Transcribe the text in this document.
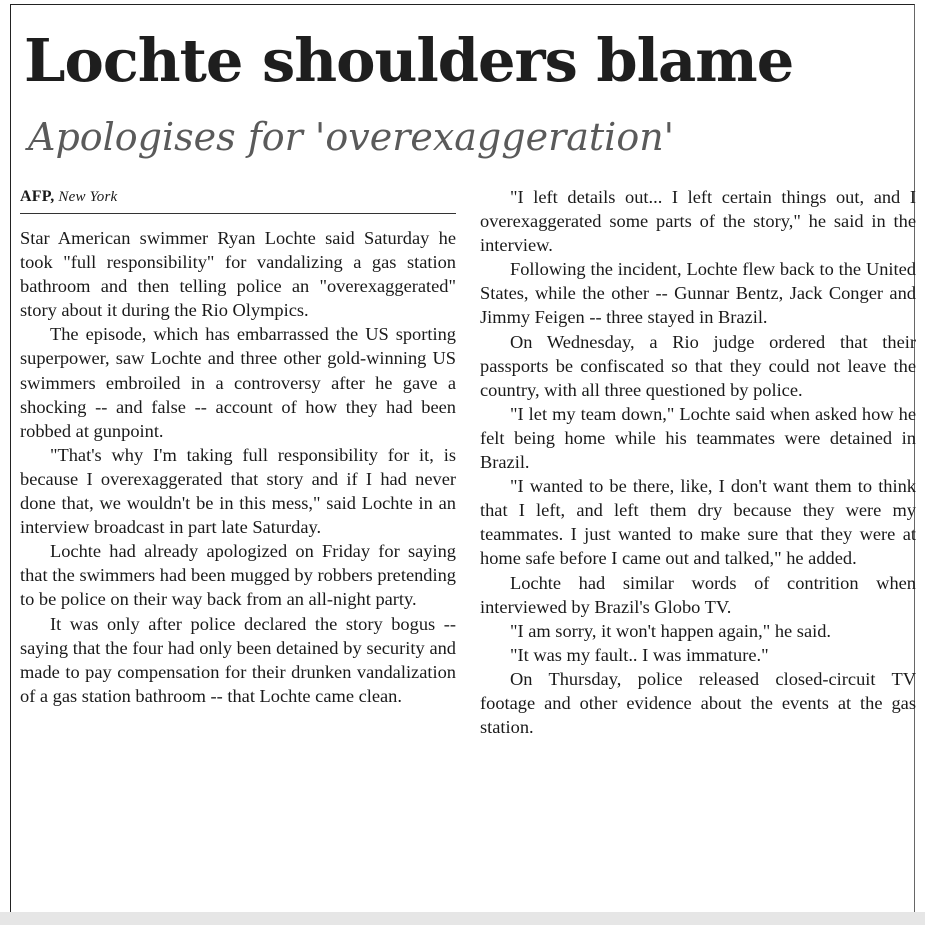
Lochte shoulders blame
Apologises for 'overexaggeration'
AFP, New York

Star American swimmer Ryan Lochte said Saturday he took "full responsibility" for vandalizing a gas station bathroom and then telling police an "overexaggerated" story about it during the Rio Olympics.

The episode, which has embarrassed the US sporting superpower, saw Lochte and three other gold-winning US swimmers embroiled in a controversy after he gave a shocking -- and false -- account of how they had been robbed at gunpoint.

"That's why I'm taking full responsibility for it, is because I overexaggerated that story and if I had never done that, we wouldn't be in this mess," said Lochte in an interview broadcast in part late Saturday.

Lochte had already apologized on Friday for saying that the swimmers had been mugged by robbers pretending to be police on their way back from an all-night party.

It was only after police declared the story bogus -- saying that the four had only been detained by security and made to pay compensation for their drunken vandalization of a gas station bathroom -- that Lochte came clean.

"I left details out... I left certain things out, and I overexaggerated some parts of the story," he said in the interview.

Following the incident, Lochte flew back to the United States, while the other -- Gunnar Bentz, Jack Conger and Jimmy Feigen -- three stayed in Brazil.

On Wednesday, a Rio judge ordered that their passports be confiscated so that they could not leave the country, with all three questioned by police.

"I let my team down," Lochte said when asked how he felt being home while his teammates were detained in Brazil.

"I wanted to be there, like, I don't want them to think that I left, and left them dry because they were my teammates. I just wanted to make sure that they were at home safe before I came out and talked," he added.

Lochte had similar words of contrition when interviewed by Brazil's Globo TV.

"I am sorry, it won't happen again," he said.

"It was my fault.. I was immature."

On Thursday, police released closed-circuit TV footage and other evidence about the events at the gas station.
